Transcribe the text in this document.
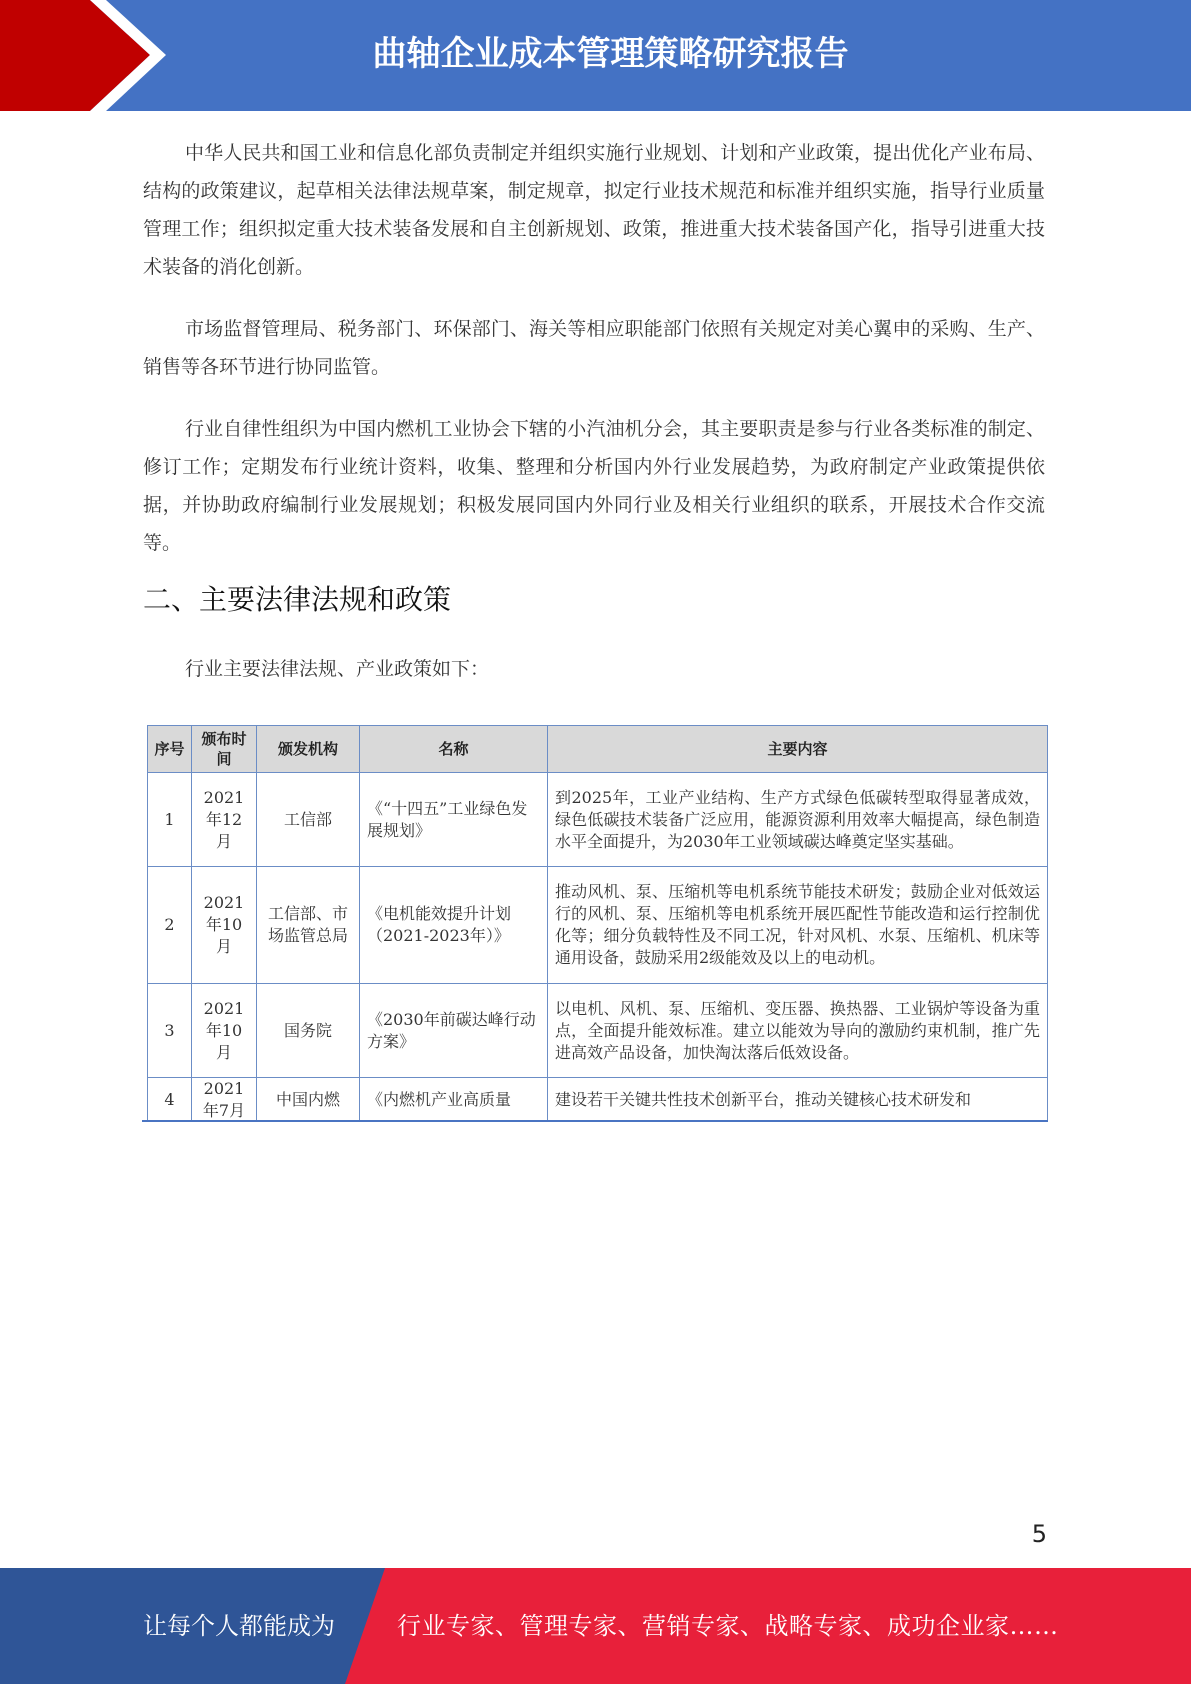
曲轴企业成本管理策略研究报告

中华人民共和国工业和信息化部负责制定并组织实施行业规划、计划和产业政策，提出优化产业布局、结构的政策建议，起草相关法律法规草案，制定规章，拟定行业技术规范和标准并组织实施，指导行业质量管理工作；组织拟定重大技术装备发展和自主创新规划、政策，推进重大技术装备国产化，指导引进重大技术装备的消化创新。

市场监督管理局、税务部门、环保部门、海关等相应职能部门依照有关规定对美心翼申的采购、生产、销售等各环节进行协同监管。

行业自律性组织为中国内燃机工业协会下辖的小汽油机分会，其主要职责是参与行业各类标准的制定、修订工作；定期发布行业统计资料，收集、整理和分析国内外行业发展趋势，为政府制定产业政策提供依据，并协助政府编制行业发展规划；积极发展同国内外同行业及相关行业组织的联系，开展技术合作交流等。

二、主要法律法规和政策

行业主要法律法规、产业政策如下：

序号	颁布时间	颁发机构	名称	主要内容
1	2021年12月	工信部	《“十四五”工业绿色发展规划》	到2025年，工业产业结构、生产方式绿色低碳转型取得显著成效，绿色低碳技术装备广泛应用，能源资源利用效率大幅提高，绿色制造水平全面提升，为2030年工业领域碳达峰奠定坚实基础。
2	2021年10月	工信部、市场监管总局	《电机能效提升计划（2021-2023年）》	推动风机、泵、压缩机等电机系统节能技术研发；鼓励企业对低效运行的风机、泵、压缩机等电机系统开展匹配性节能改造和运行控制优化等；细分负载特性及不同工况，针对风机、水泵、压缩机、机床等通用设备，鼓励采用2级能效及以上的电动机。
3	2021年10月	国务院	《2030年前碳达峰行动方案》	以电机、风机、泵、压缩机、变压器、换热器、工业锅炉等设备为重点，全面提升能效标准。建立以能效为导向的激励约束机制，推广先进高效产品设备，加快淘汰落后低效设备。
4	2021年7月	中国内燃	《内燃机产业高质量	建设若干关键共性技术创新平台，推动关键核心技术研发和
5
让每个人都能成为	行业专家、管理专家、营销专家、战略专家、成功企业家……
